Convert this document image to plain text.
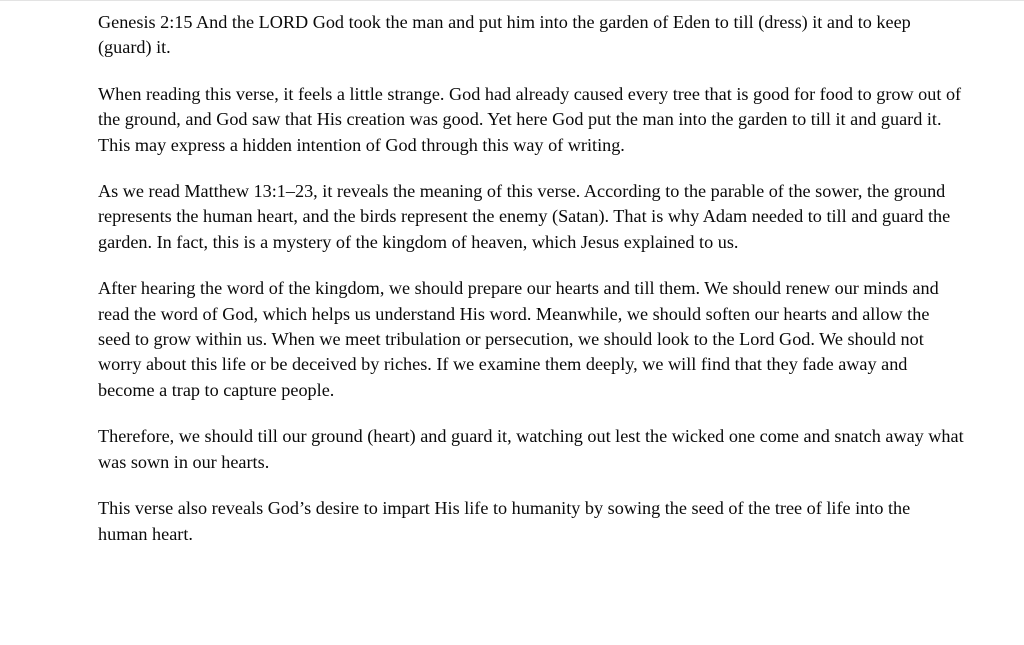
Genesis 2:15 And the LORD God took the man and put him into the garden of Eden to till (dress) it and to keep (guard) it.

When reading this verse, it feels a little strange. God had already caused every tree that is good for food to grow out of the ground, and God saw that His creation was good. Yet here God put the man into the garden to till it and guard it. This may express a hidden intention of God through this way of writing.

As we read Matthew 13:1–23, it reveals the meaning of this verse. According to the parable of the sower, the ground represents the human heart, and the birds represent the enemy (Satan). That is why Adam needed to till and guard the garden. In fact, this is a mystery of the kingdom of heaven, which Jesus explained to us.

After hearing the word of the kingdom, we should prepare our hearts and till them. We should renew our minds and read the word of God, which helps us understand His word. Meanwhile, we should soften our hearts and allow the seed to grow within us. When we meet tribulation or persecution, we should look to the Lord God. We should not worry about this life or be deceived by riches. If we examine them deeply, we will find that they fade away and become a trap to capture people.

Therefore, we should till our ground (heart) and guard it, watching out lest the wicked one come and snatch away what was sown in our hearts.

This verse also reveals God’s desire to impart His life to humanity by sowing the seed of the tree of life into the human heart.
